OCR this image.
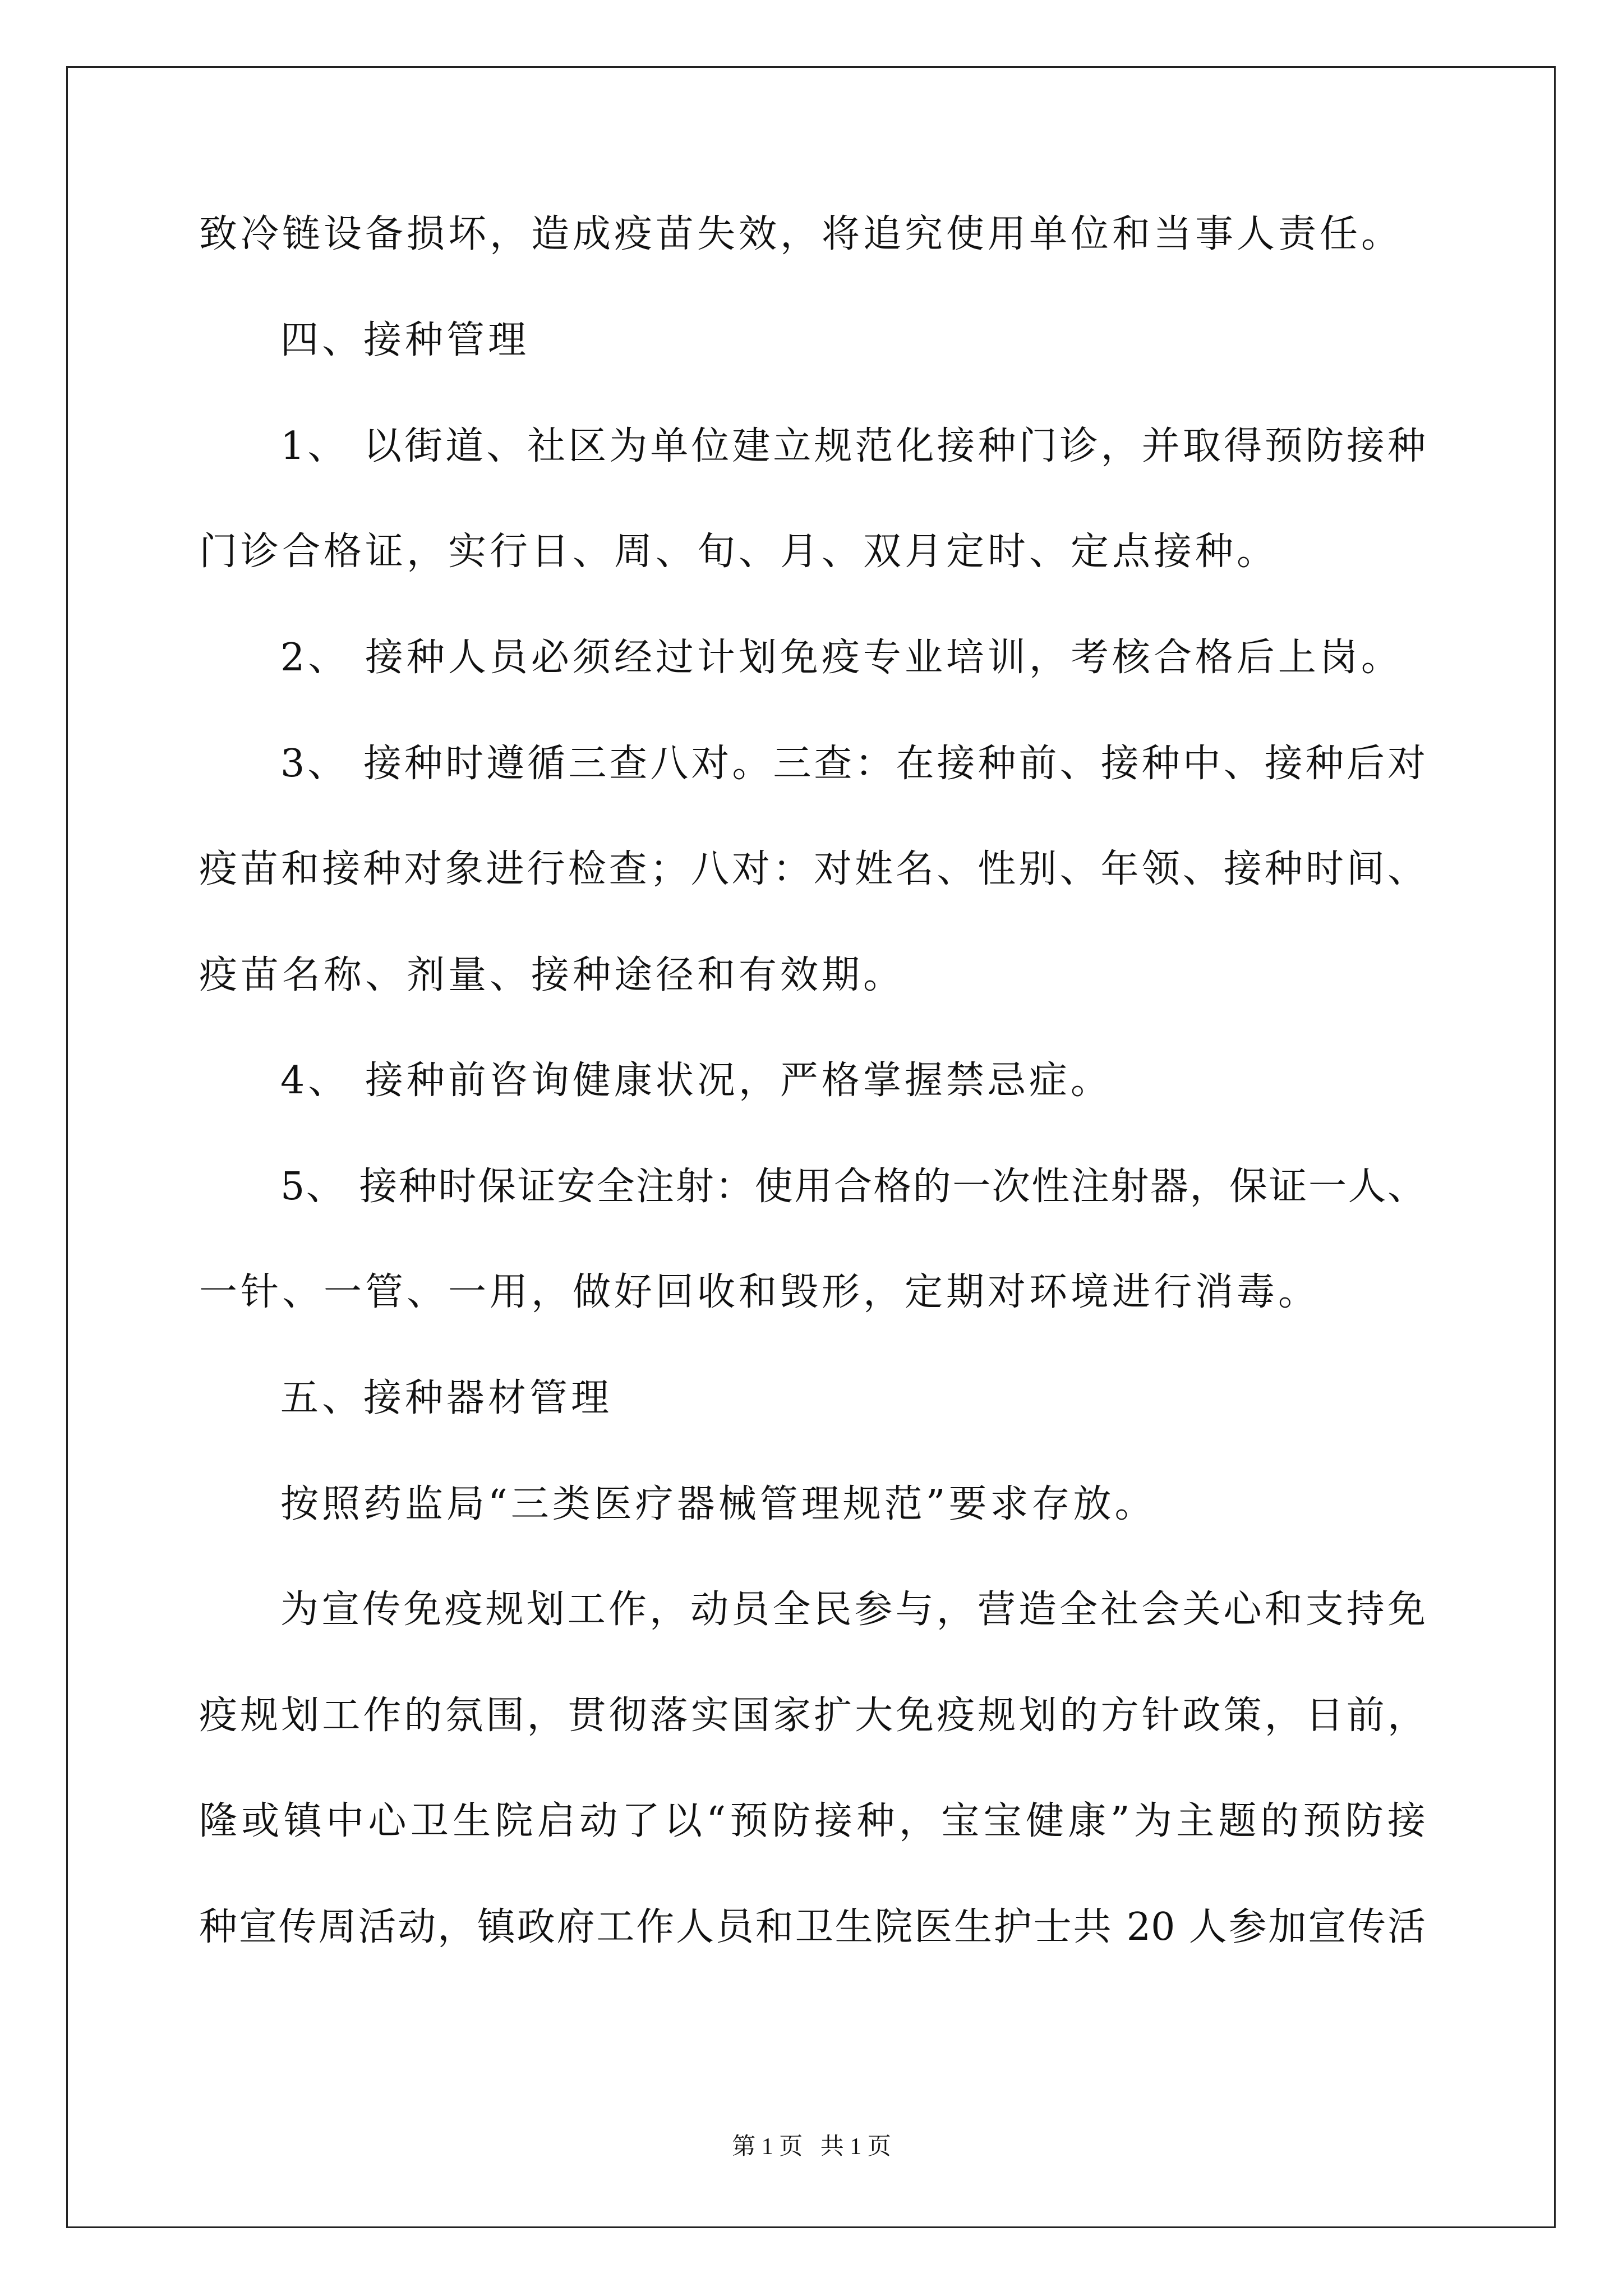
致冷链设备损坏，造成疫苗失效，将追究使用单位和当事人责任。
四、接种管理
1、 以街道、社区为单位建立规范化接种门诊，并取得预防接种
门诊合格证，实行日、周、旬、月、双月定时、定点接种。
2、 接种人员必须经过计划免疫专业培训，考核合格后上岗。
3、 接种时遵循三查八对。三查：在接种前、接种中、接种后对
疫苗和接种对象进行检查；八对：对姓名、性别、年领、接种时间、
疫苗名称、剂量、接种途径和有效期。
4、 接种前咨询健康状况，严格掌握禁忌症。
5、 接种时保证安全注射：使用合格的一次性注射器，保证一人、
一针、一管、一用，做好回收和毁形，定期对环境进行消毒。
五、接种器材管理
按照药监局“三类医疗器械管理规范”要求存放。
为宣传免疫规划工作，动员全民参与，营造全社会关心和支持免
疫规划工作的氛围，贯彻落实国家扩大免疫规划的方针政策，日前，
隆或镇中心卫生院启动了以“预防接种，宝宝健康”为主题的预防接
种宣传周活动，镇政府工作人员和卫生院医生护士共 20 人参加宣传活
第 1 页   共 1 页
